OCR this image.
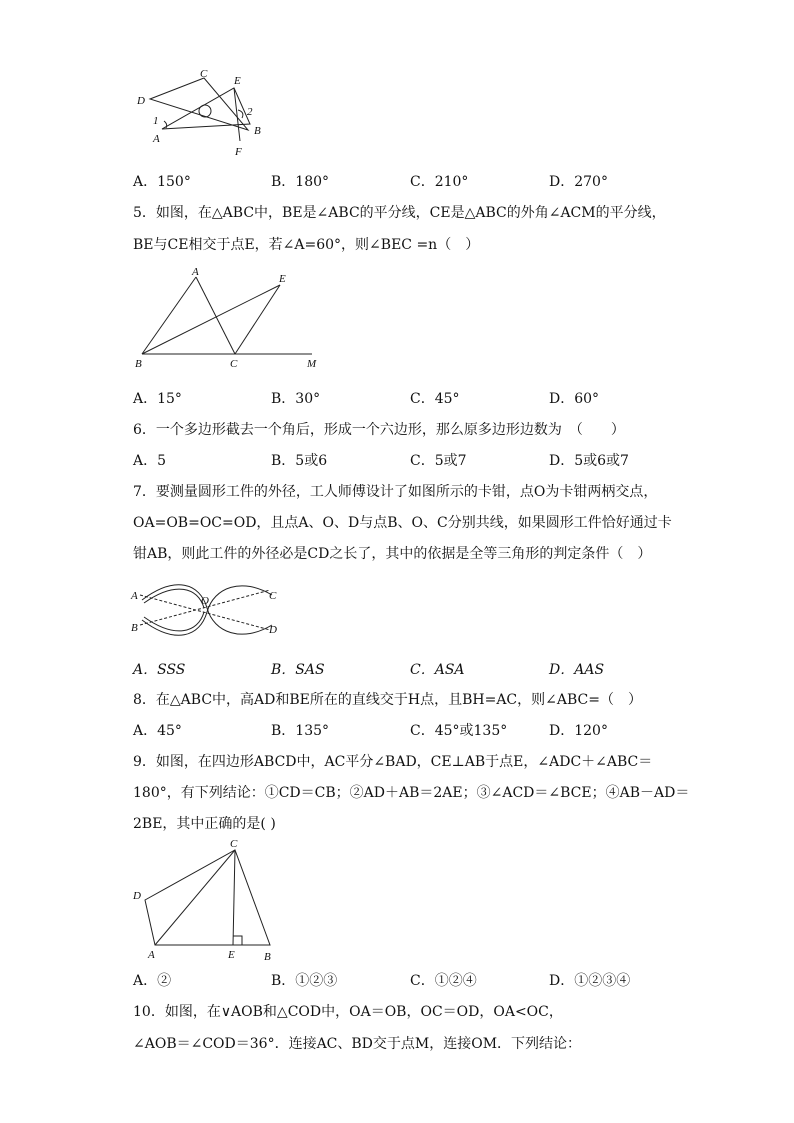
C
E
D
2
1
B
A
F
A．150°	B．180°	C．210°	D．270°
5．如图，在△ABC中，BE是∠ABC的平分线，CE是△ABC的外角∠ACM的平分线，
BE与CE相交于点E，若∠A=60°，则∠BEC =n（　）
A
E
B	C	M
A．15°	B．30°	C．45°	D．60°
6．一个多边形截去一个角后，形成一个六边形，那么原多边形边数为　（　　）
A．5	B．5或6	C．5或7	D．5或6或7
7．要测量圆形工件的外径，工人师傅设计了如图所示的卡钳，点O为卡钳两柄交点，
OA=OB=OC=OD，且点A、O、D与点B、O、C分别共线，如果圆形工件恰好通过卡
钳AB，则此工件的外径必是CD之长了，其中的依据是全等三角形的判定条件（　）
A	O	C
B	D
A．SSS	B．SAS	C．ASA	D．AAS
8．在△ABC中，高AD和BE所在的直线交于H点，且BH=AC，则∠ABC=（　）
A．45°	B．135°	C．45°或135°	D．120°
9．如图，在四边形ABCD中，AC平分∠BAD，CE⊥AB于点E，∠ADC＋∠ABC＝
180°，有下列结论：①CD＝CB；②AD＋AB＝2AE；③∠ACD＝∠BCE；④AB－AD＝
2BE，其中正确的是( )
C
D
A	E	B
A．②	B．①②③	C．①②④	D．①②③④
10．如图，在∨AOB和△COD中，OA＝OB，OC＝OD，OA<OC，
∠AOB＝∠COD＝36°．连接AC、BD交于点M，连接OM．下列结论：
